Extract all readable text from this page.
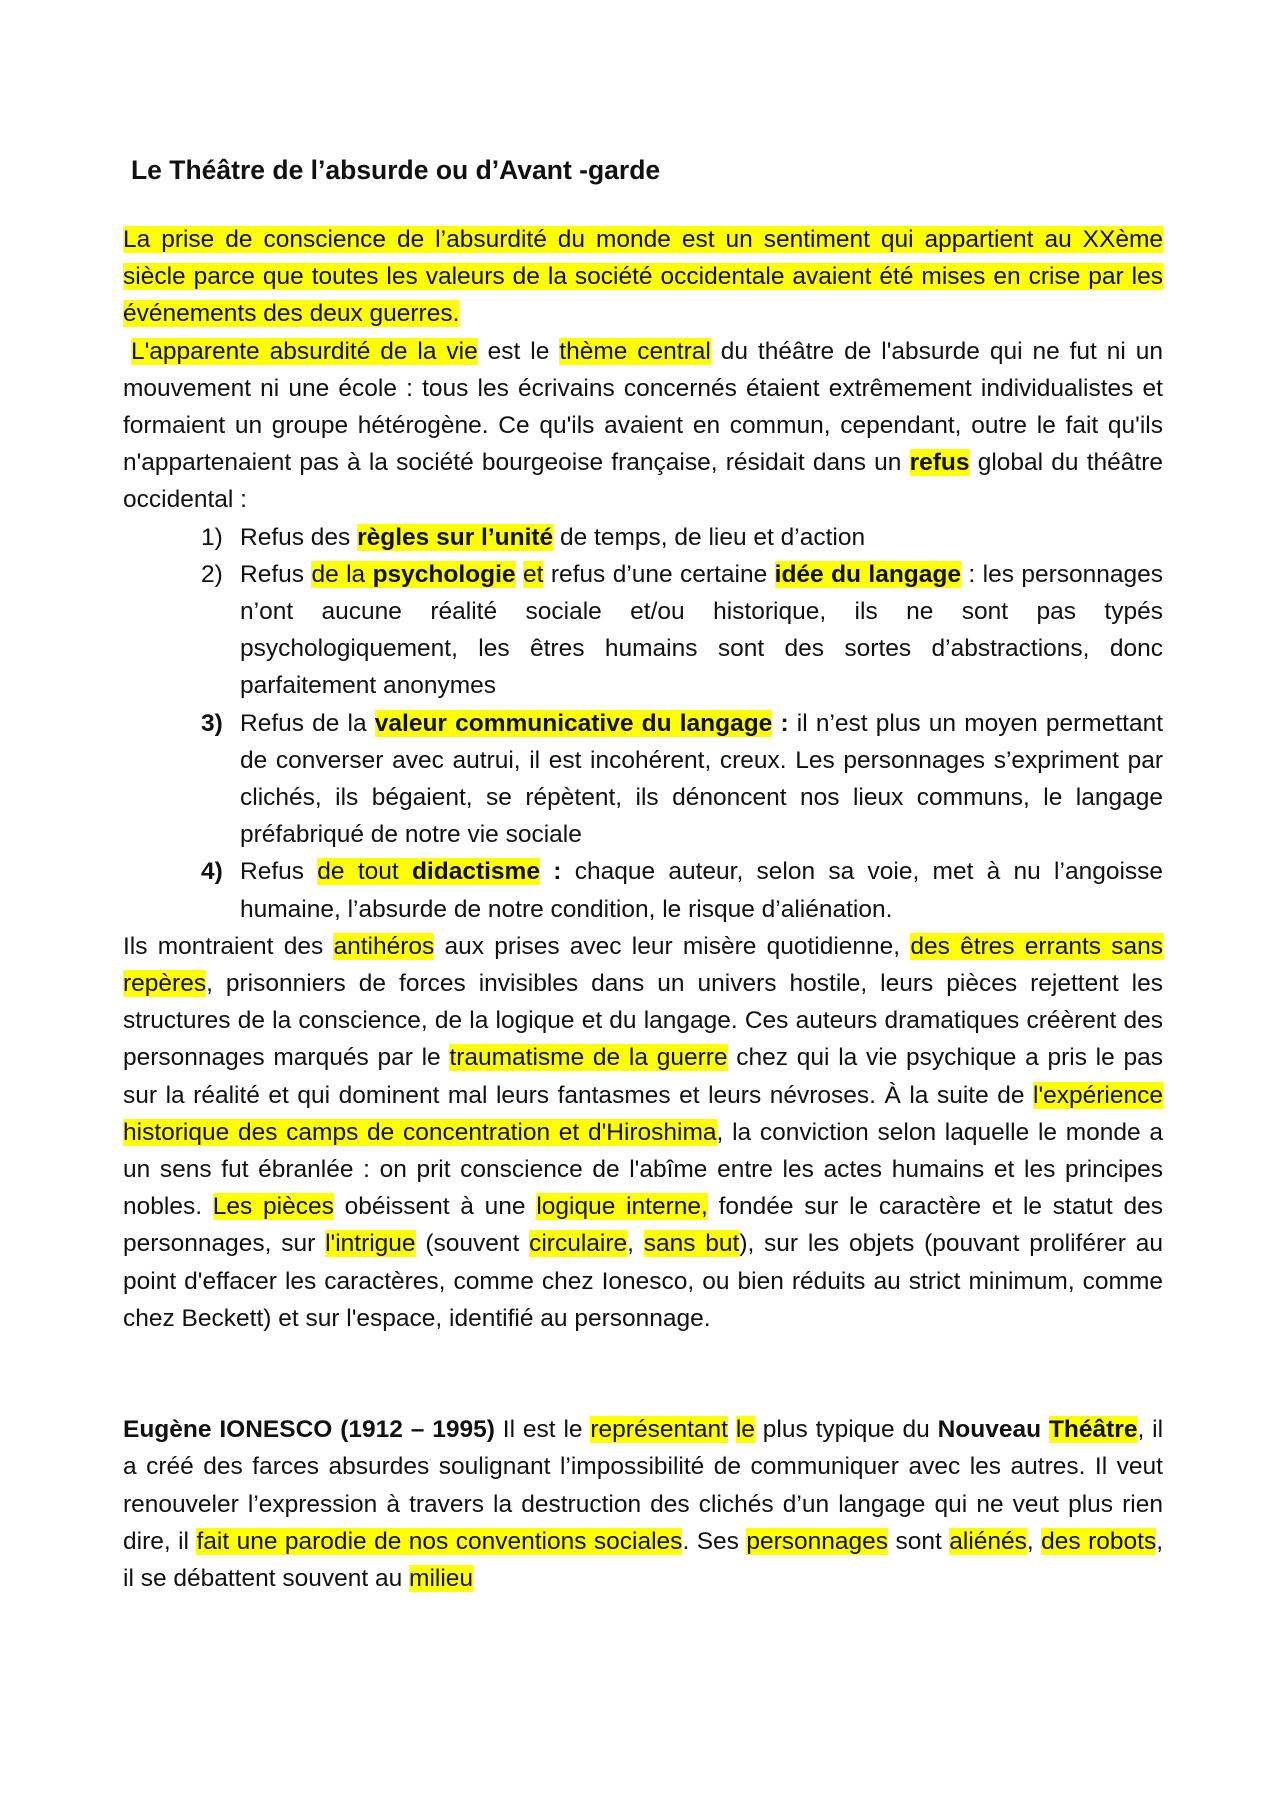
Le Théâtre de l’absurde ou d’Avant -garde

La prise de conscience de l’absurdité du monde est un sentiment qui appartient au XXème siècle parce que toutes les valeurs de la société occidentale avaient été mises en crise par les événements des deux guerres.

L'apparente absurdité de la vie est le thème central du théâtre de l'absurde qui ne fut ni un mouvement ni une école : tous les écrivains concernés étaient extrêmement individualistes et formaient un groupe hétérogène. Ce qu'ils avaient en commun, cependant, outre le fait qu'ils n'appartenaient pas à la société bourgeoise française, résidait dans un refus global du théâtre occidental :

1) Refus des règles sur l’unité de temps, de lieu et d’action
2) Refus de la psychologie et refus d’une certaine idée du langage : les personnages n’ont aucune réalité sociale et/ou historique, ils ne sont pas typés psychologiquement, les êtres humains sont des sortes d’abstractions, donc parfaitement anonymes
3) Refus de la valeur communicative du langage : il n’est plus un moyen permettant de converser avec autrui, il est incohérent, creux. Les personnages s’expriment par clichés, ils bégaient, se répètent, ils dénoncent nos lieux communs, le langage préfabriqué de notre vie sociale
4) Refus de tout didactisme : chaque auteur, selon sa voie, met à nu l’angoisse humaine, l’absurde de notre condition, le risque d’aliénation.

Ils montraient des antihéros aux prises avec leur misère quotidienne, des êtres errants sans repères, prisonniers de forces invisibles dans un univers hostile, leurs pièces rejettent les structures de la conscience, de la logique et du langage. Ces auteurs dramatiques créèrent des personnages marqués par le traumatisme de la guerre chez qui la vie psychique a pris le pas sur la réalité et qui dominent mal leurs fantasmes et leurs névroses. À la suite de l'expérience historique des camps de concentration et d'Hiroshima, la conviction selon laquelle le monde a un sens fut ébranlée : on prit conscience de l'abîme entre les actes humains et les principes nobles. Les pièces obéissent à une logique interne, fondée sur le caractère et le statut des personnages, sur l'intrigue (souvent circulaire, sans but), sur les objets (pouvant proliférer au point d'effacer les caractères, comme chez Ionesco, ou bien réduits au strict minimum, comme chez Beckett) et sur l'espace, identifié au personnage.

Eugène IONESCO (1912 – 1995) Il est le représentant le plus typique du Nouveau Théâtre, il a créé des farces absurdes soulignant l’impossibilité de communiquer avec les autres. Il veut renouveler l’expression à travers la destruction des clichés d’un langage qui ne veut plus rien dire, il fait une parodie de nos conventions sociales. Ses personnages sont aliénés, des robots, il se débattent souvent au milieu
